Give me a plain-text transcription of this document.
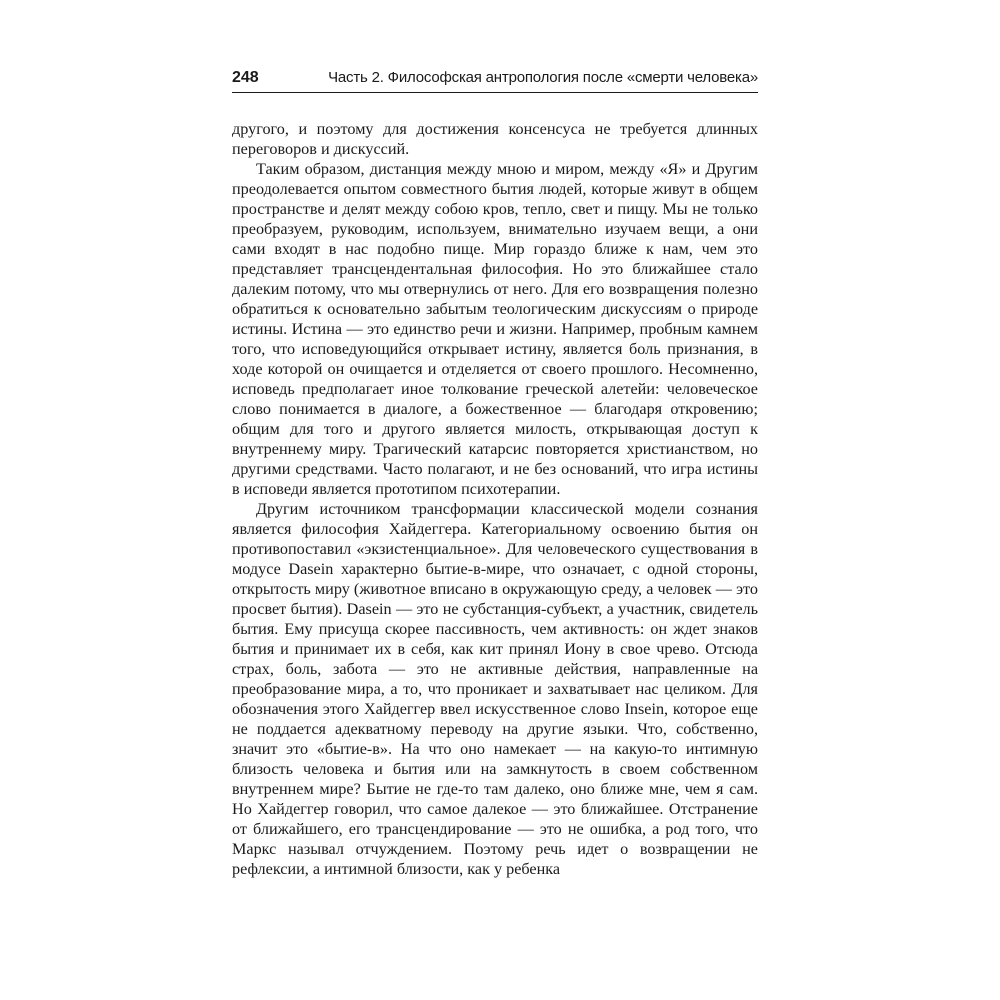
248	Часть 2. Философская антропология после «смерти человека»

другого, и поэтому для достижения консенсуса не требуется длинных переговоров и дискуссий.

Таким образом, дистанция между мною и миром, между «Я» и Другим преодолевается опытом совместного бытия людей, которые живут в общем пространстве и делят между собою кров, тепло, свет и пищу. Мы не только преобразуем, руководим, используем, внимательно изучаем вещи, а они сами входят в нас подобно пище. Мир гораздо ближе к нам, чем это представляет трансцендентальная философия. Но это ближайшее стало далеким потому, что мы отвернулись от него. Для его возвращения полезно обратиться к основательно забытым теологическим дискуссиям о природе истины. Истина — это единство речи и жизни. Например, пробным камнем того, что исповедующийся открывает истину, является боль признания, в ходе которой он очищается и отделяется от своего прошлого. Несомненно, исповедь предполагает иное толкование греческой алетейи: человеческое слово понимается в диалоге, а божественное — благодаря откровению; общим для того и другого является милость, открывающая доступ к внутреннему миру. Трагический катарсис повторяется христианством, но другими средствами. Часто полагают, и не без оснований, что игра истины в исповеди является прототипом психотерапии.

Другим источником трансформации классической модели сознания является философия Хайдеггера. Категориальному освоению бытия он противопоставил «экзистенциальное». Для человеческого существования в модусе Dasein характерно бытие-в-мире, что означает, с одной стороны, открытость миру (животное вписано в окружающую среду, а человек — это просвет бытия). Dasein — это не субстанция-субъект, а участник, свидетель бытия. Ему присуща скорее пассивность, чем активность: он ждет знаков бытия и принимает их в себя, как кит принял Иону в свое чрево. Отсюда страх, боль, забота — это не активные действия, направленные на преобразование мира, а то, что проникает и захватывает нас целиком. Для обозначения этого Хайдеггер ввел искусственное слово Insein, которое еще не поддается адекватному переводу на другие языки. Что, собственно, значит это «бытие-в». На что оно намекает — на какую-то интимную близость человека и бытия или на замкнутость в своем собственном внутреннем мире? Бытие не где-то там далеко, оно ближе мне, чем я сам. Но Хайдеггер говорил, что самое далекое — это ближайшее. Отстранение от ближайшего, его трансцендирование — это не ошибка, а род того, что Маркс называл отчуждением. Поэтому речь идет о возвращении не рефлексии, а интимной близости, как у ребенка
